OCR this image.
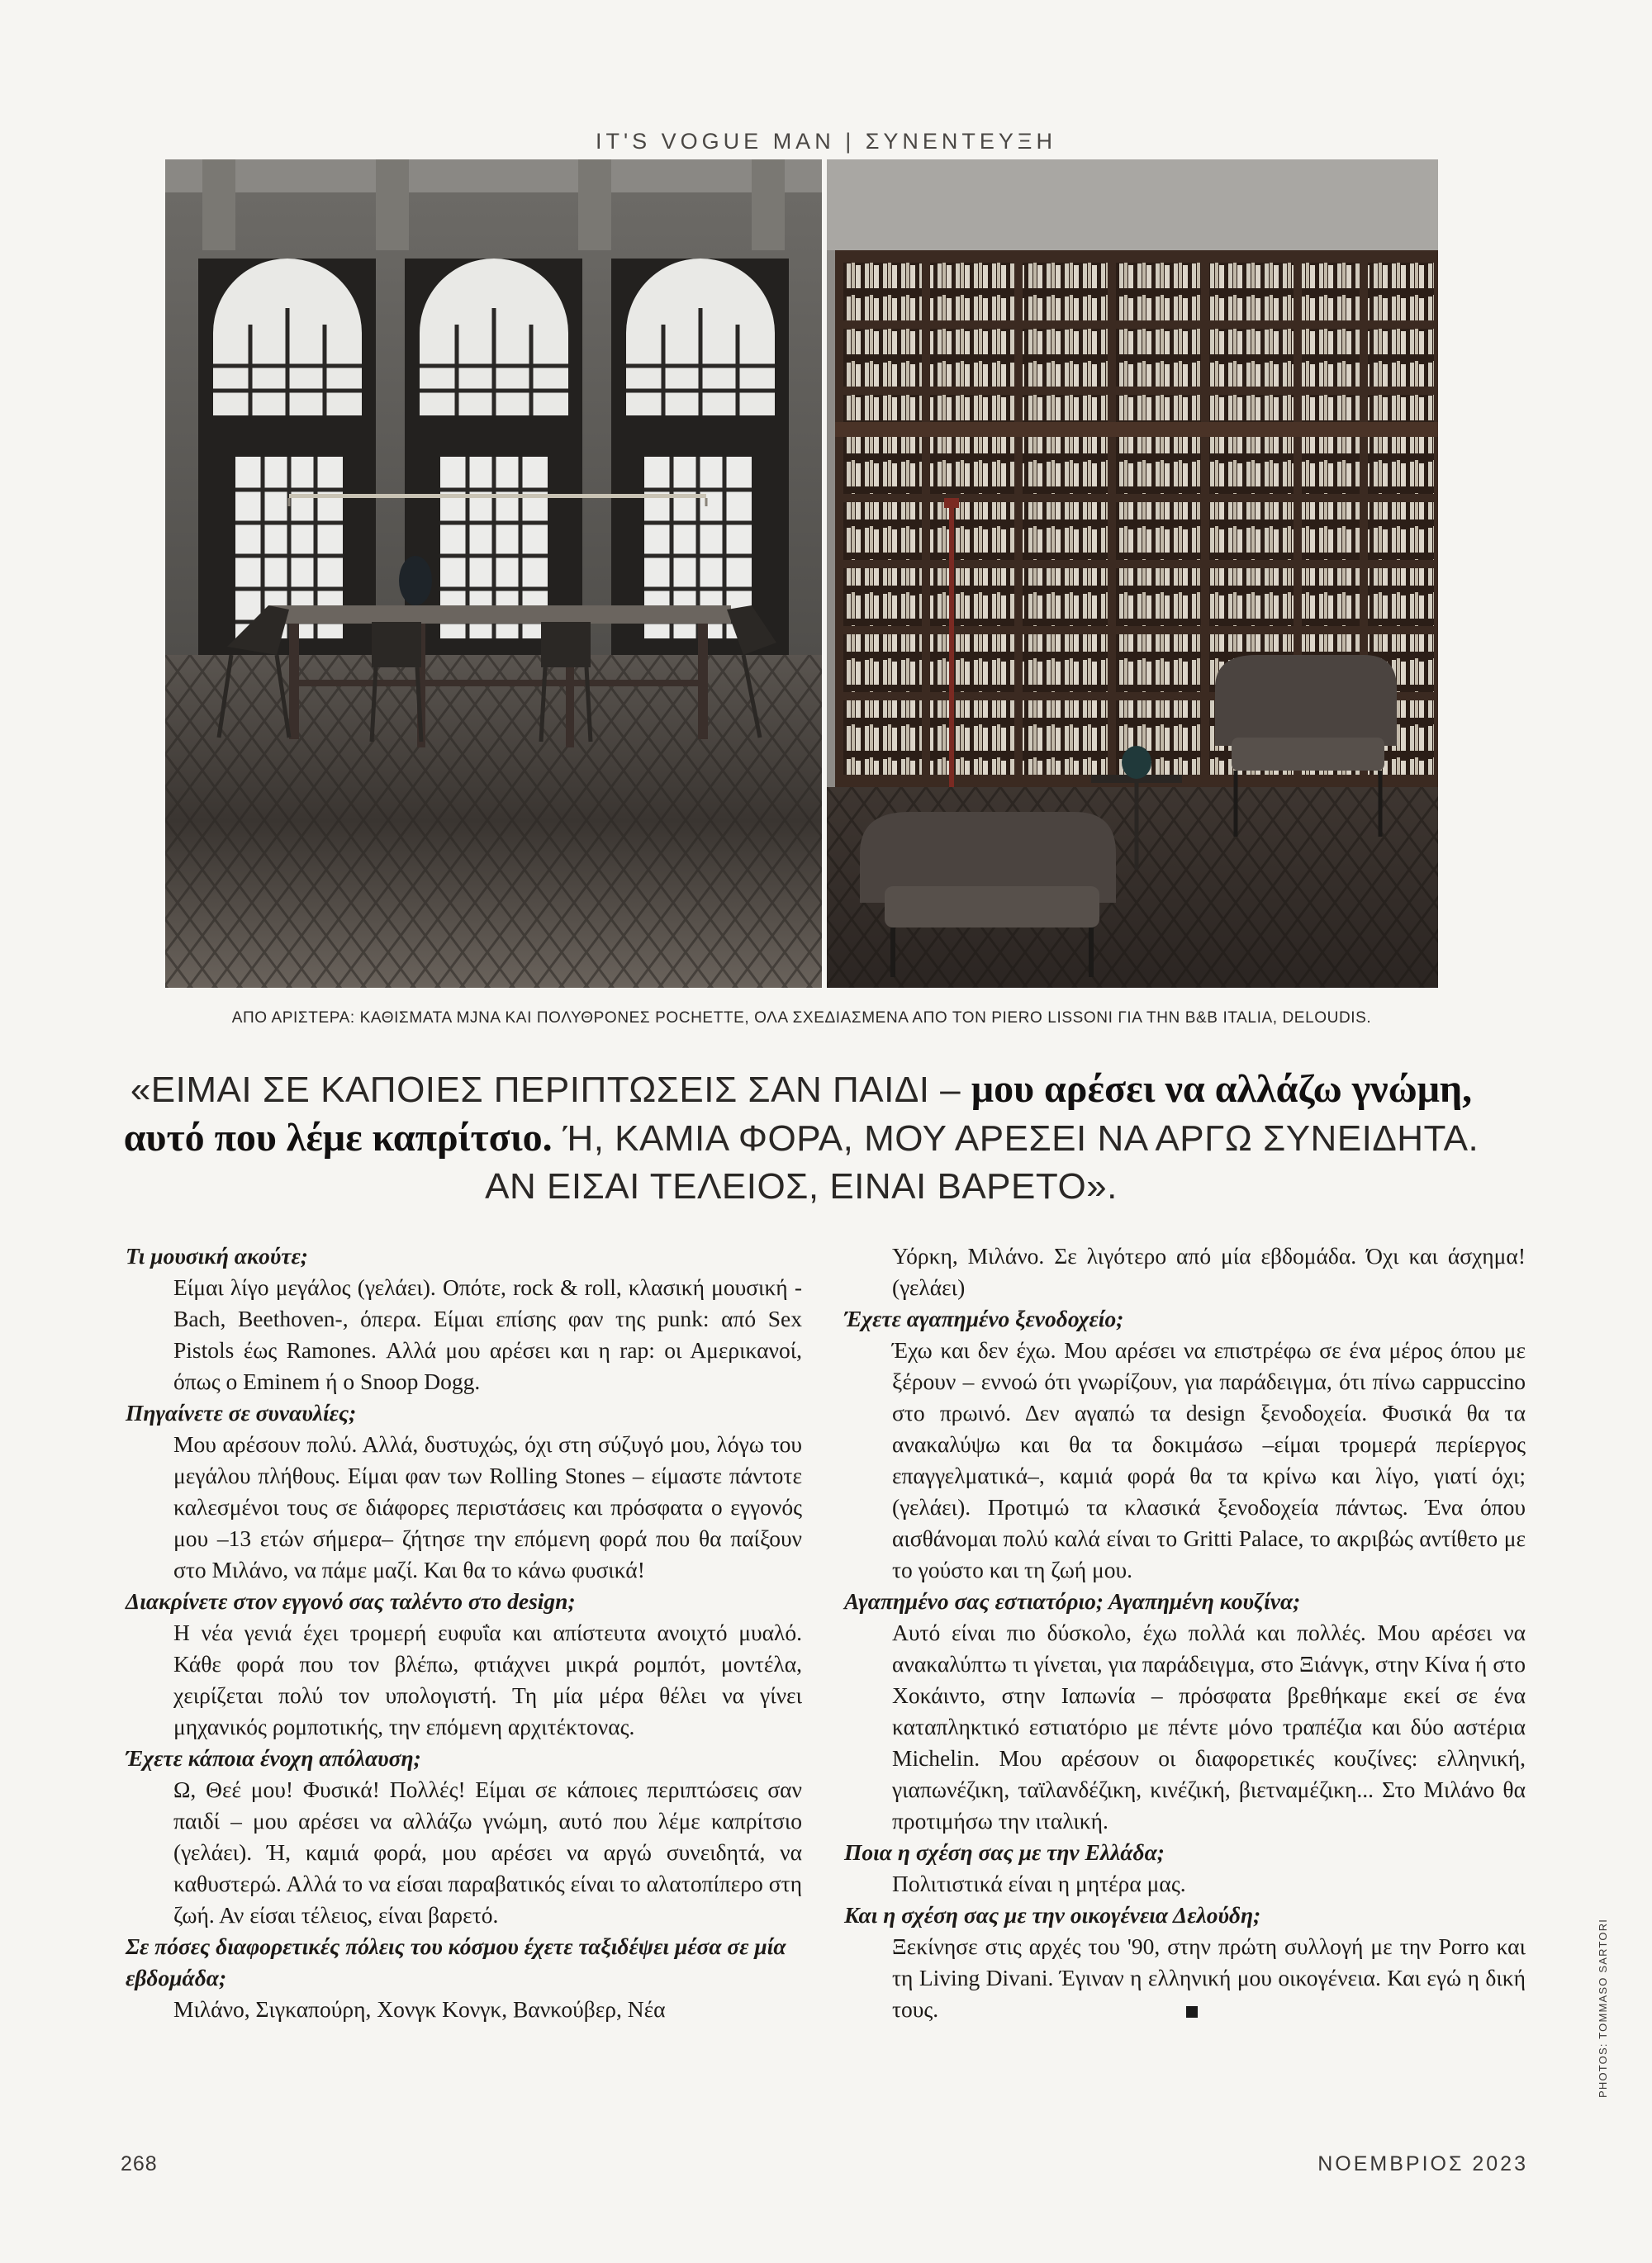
IT'S VOGUE MAN | ΣΥΝΕΝΤΕΥΞΗ
ΑΠΟ ΑΡΙΣΤΕΡΑ: ΚΑΘΙΣΜΑΤΑ MJNA ΚΑΙ ΠΟΛΥΘΡΟΝΕΣ POCHETTE, ΟΛΑ ΣΧΕΔΙΑΣΜΕΝΑ ΑΠΟ ΤΟΝ PIERO LISSONI ΓΙΑ ΤΗΝ B&B ITALIA, DELOUDIS.
«ΕΙΜΑΙ ΣΕ ΚΑΠΟΙΕΣ ΠΕΡΙΠΤΩΣΕΙΣ ΣΑΝ ΠΑΙΔΙ – μου αρέσει να αλλάζω γνώμη, αυτό που λέμε καπρίτσιο. Ή, ΚΑΜΙΑ ΦΟΡΑ, ΜΟΥ ΑΡΕΣΕΙ ΝΑ ΑΡΓΩ ΣΥΝΕΙΔΗΤΑ. ΑΝ ΕΙΣΑΙ ΤΕΛΕΙΟΣ, ΕΙΝΑΙ ΒΑΡΕΤΟ».

Τι μουσική ακούτε;

Είμαι λίγο μεγάλος (γελάει). Οπότε, rock & roll, κλασική μουσική -Bach, Beethoven-, όπερα. Είμαι επίσης φαν της punk: από Sex Pistols έως Ramones. Αλλά μου αρέσει και η rap: οι Αμερικανοί, όπως ο Eminem ή ο Snoop Dogg.

Πηγαίνετε σε συναυλίες;

Μου αρέσουν πολύ. Αλλά, δυστυχώς, όχι στη σύζυγό μου, λόγω του μεγάλου πλήθους. Είμαι φαν των Rolling Stones – είμαστε πάντοτε καλεσμένοι τους σε διάφορες περιστάσεις και πρόσφατα ο εγγονός μου –13 ετών σήμερα– ζήτησε την επόμενη φορά που θα παίξουν στο Μιλάνο, να πάμε μαζί. Και θα το κάνω φυσικά!

Διακρίνετε στον εγγονό σας ταλέντο στο design;

Η νέα γενιά έχει τρομερή ευφυΐα και απίστευτα ανοιχτό μυαλό. Κάθε φορά που τον βλέπω, φτιάχνει μικρά ρομπότ, μοντέλα, χειρίζεται πολύ τον υπολογιστή. Τη μία μέρα θέλει να γίνει μηχανικός ρομποτικής, την επόμενη αρχιτέκτονας.

Έχετε κάποια ένοχη απόλαυση;

Ω, Θεέ μου! Φυσικά! Πολλές! Είμαι σε κάποιες περιπτώσεις σαν παιδί – μου αρέσει να αλλάζω γνώμη, αυτό που λέμε καπρίτσιο (γελάει). Ή, καμιά φορά, μου αρέσει να αργώ συνειδητά, να καθυστερώ. Αλλά το να είσαι παραβατικός είναι το αλατοπίπερο στη ζωή. Αν είσαι τέλειος, είναι βαρετό.

Σε πόσες διαφορετικές πόλεις του κόσμου έχετε ταξιδέψει μέσα σε μία εβδομάδα;

Μιλάνο, Σιγκαπούρη, Χονγκ Κονγκ, Βανκούβερ, Νέα

Υόρκη, Μιλάνο. Σε λιγότερο από μία εβδομάδα. Όχι και άσχημα! (γελάει)

Έχετε αγαπημένο ξενοδοχείο;

Έχω και δεν έχω. Μου αρέσει να επιστρέφω σε ένα μέρος όπου με ξέρουν – εννοώ ότι γνωρίζουν, για παράδειγμα, ότι πίνω cappuccino στο πρωινό. Δεν αγαπώ τα design ξενοδοχεία. Φυσικά θα τα ανακαλύψω και θα τα δοκιμάσω –είμαι τρομερά περίεργος επαγγελματικά–, καμιά φορά θα τα κρίνω και λίγο, γιατί όχι; (γελάει). Προτιμώ τα κλασικά ξενοδοχεία πάντως. Ένα όπου αισθάνομαι πολύ καλά είναι το Gritti Palace, το ακριβώς αντίθετο με το γούστο και τη ζωή μου.

Αγαπημένο σας εστιατόριο; Αγαπημένη κουζίνα;

Αυτό είναι πιο δύσκολο, έχω πολλά και πολλές. Μου αρέσει να ανακαλύπτω τι γίνεται, για παράδειγμα, στο Ξιάνγκ, στην Κίνα ή στο Χοκάιντο, στην Ιαπωνία – πρόσφατα βρεθήκαμε εκεί σε ένα καταπληκτικό εστιατόριο με πέντε μόνο τραπέζια και δύο αστέρια Michelin. Μου αρέσουν οι διαφορετικές κουζίνες: ελληνική, γιαπωνέζικη, ταϊλανδέζικη, κινέζική, βιετναμέζικη... Στο Μιλάνο θα προτιμήσω την ιταλική.

Ποια η σχέση σας με την Ελλάδα;

Πολιτιστικά είναι η μητέρα μας.

Και η σχέση σας με την οικογένεια Δελούδη;

Ξεκίνησε στις αρχές του '90, στην πρώτη συλλογή με την Porro και τη Living Divani. Έγιναν η ελληνική μου οικογένεια. Και εγώ η δική τους.	PHOTOS: TOMMASO SARTORI
268	ΝΟΕΜΒΡΙΟΣ 2023
